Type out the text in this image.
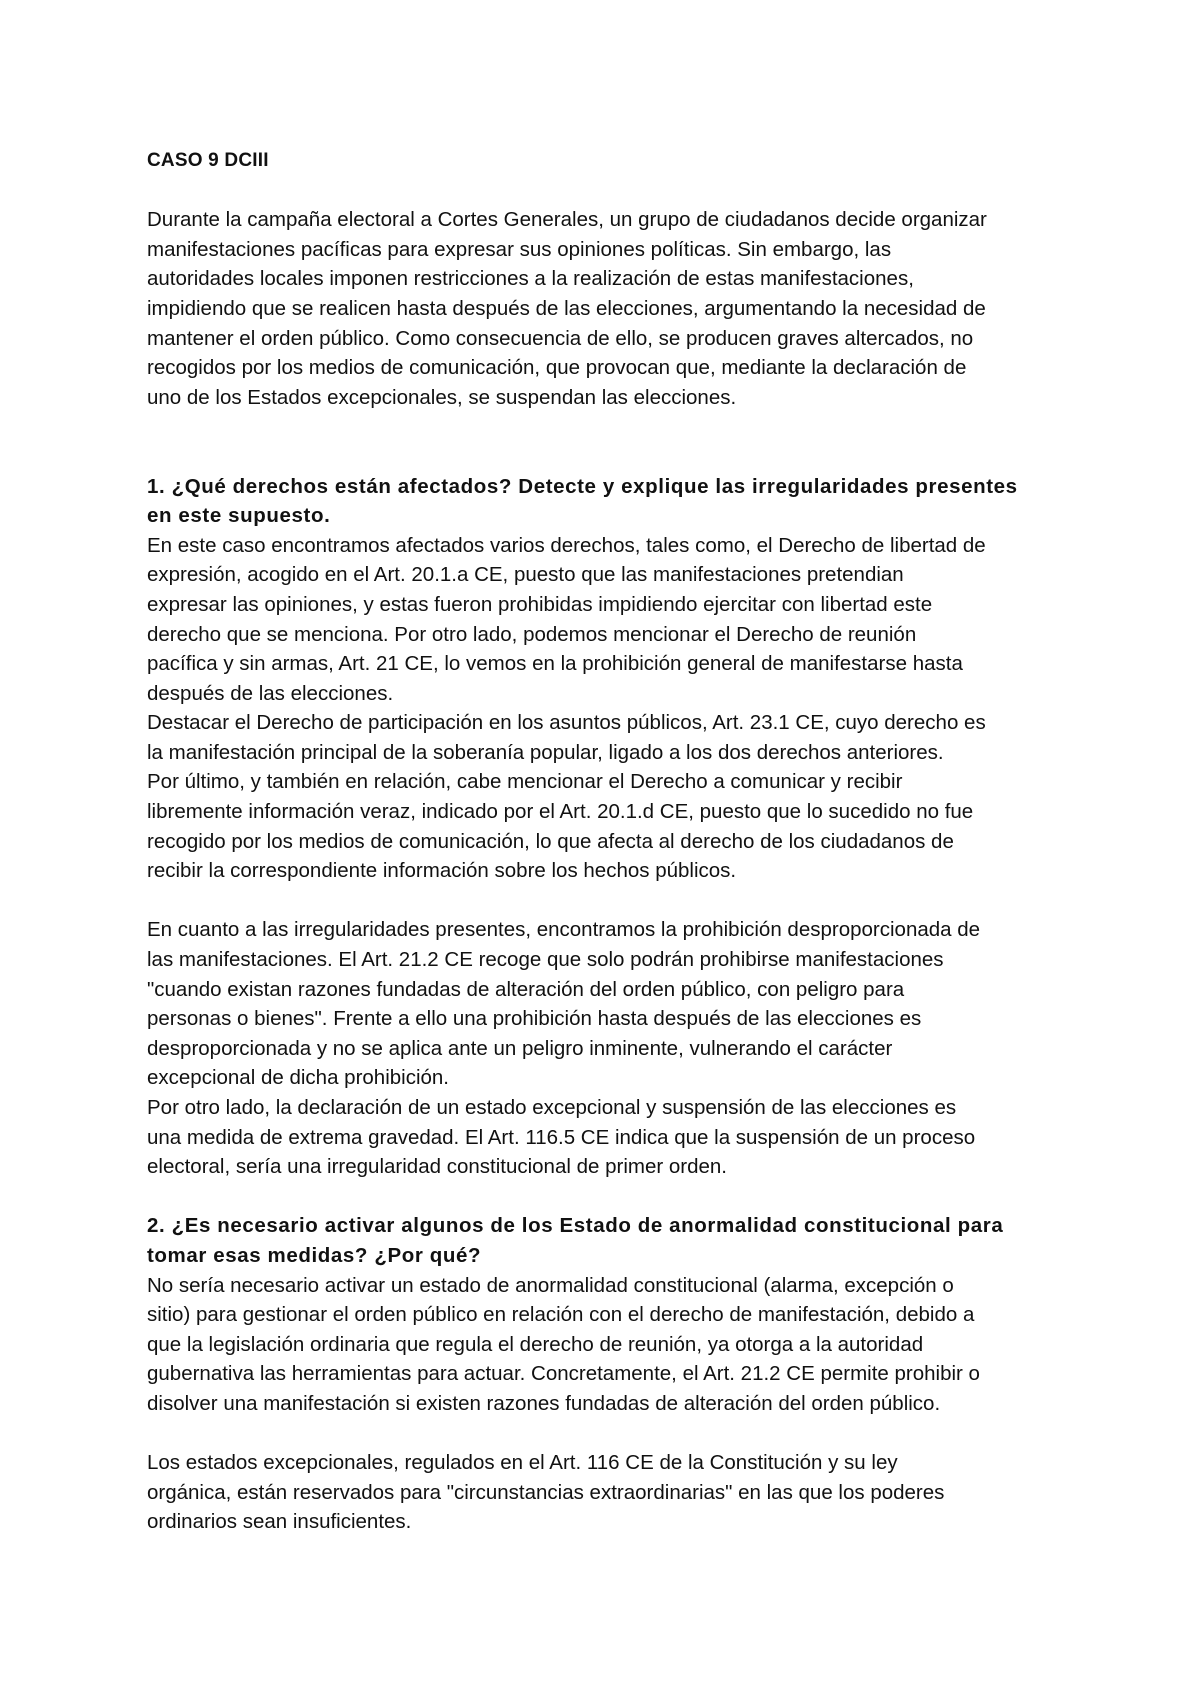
CASO 9 DCIII

Durante la campaña electoral a Cortes Generales, un grupo de ciudadanos decide organizar
manifestaciones pacíficas para expresar sus opiniones políticas. Sin embargo, las
autoridades locales imponen restricciones a la realización de estas manifestaciones,
impidiendo que se realicen hasta después de las elecciones, argumentando la necesidad de
mantener el orden público. Como consecuencia de ello, se producen graves altercados, no
recogidos por los medios de comunicación, que provocan que, mediante la declaración de
uno de los Estados excepcionales, se suspendan las elecciones.

1. ¿Qué derechos están afectados? Detecte y explique las irregularidades presentes
en este supuesto.

En este caso encontramos afectados varios derechos, tales como, el Derecho de libertad de
expresión, acogido en el Art. 20.1.a CE, puesto que las manifestaciones pretendian
expresar las opiniones, y estas fueron prohibidas impidiendo ejercitar con libertad este
derecho que se menciona. Por otro lado, podemos mencionar el Derecho de reunión
pacífica y sin armas, Art. 21 CE, lo vemos en la prohibición general de manifestarse hasta
después de las elecciones.

Destacar el Derecho de participación en los asuntos públicos, Art. 23.1 CE, cuyo derecho es
la manifestación principal de la soberanía popular, ligado a los dos derechos anteriores.

Por último, y también en relación, cabe mencionar el Derecho a comunicar y recibir
libremente información veraz, indicado por el Art. 20.1.d CE, puesto que lo sucedido no fue
recogido por los medios de comunicación, lo que afecta al derecho de los ciudadanos de
recibir la correspondiente información sobre los hechos públicos.

En cuanto a las irregularidades presentes, encontramos la prohibición desproporcionada de
las manifestaciones. El Art. 21.2 CE recoge que solo podrán prohibirse manifestaciones
"cuando existan razones fundadas de alteración del orden público, con peligro para
personas o bienes". Frente a ello una prohibición hasta después de las elecciones es
desproporcionada y no se aplica ante un peligro inminente, vulnerando el carácter
excepcional de dicha prohibición.

Por otro lado, la declaración de un estado excepcional y suspensión de las elecciones es
una medida de extrema gravedad. El Art. 116.5 CE indica que la suspensión de un proceso
electoral, sería una irregularidad constitucional de primer orden.

2. ¿Es necesario activar algunos de los Estado de anormalidad constitucional para
tomar esas medidas? ¿Por qué?

No sería necesario activar un estado de anormalidad constitucional (alarma, excepción o
sitio) para gestionar el orden público en relación con el derecho de manifestación, debido a
que la legislación ordinaria que regula el derecho de reunión, ya otorga a la autoridad
gubernativa las herramientas para actuar. Concretamente, el Art. 21.2 CE permite prohibir o
disolver una manifestación si existen razones fundadas de alteración del orden público.

Los estados excepcionales, regulados en el Art. 116 CE de la Constitución y su ley
orgánica, están reservados para "circunstancias extraordinarias" en las que los poderes
ordinarios sean insuficientes.
